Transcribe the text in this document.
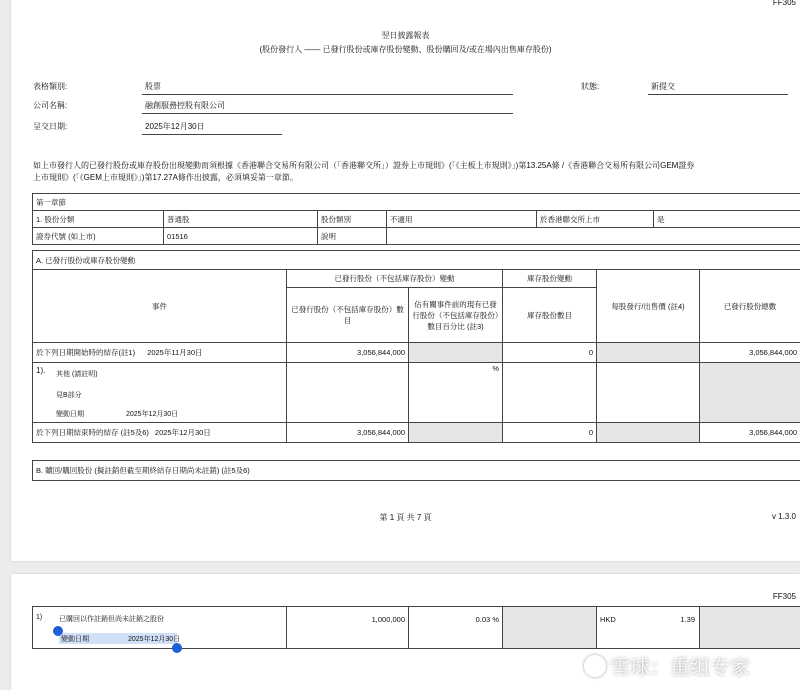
FF305
翌日披露報表
(股份發行人 —— 已發行股份或庫存股份變動、股份購回及/或在場內出售庫存股份)
表格類別:	股票	狀態:	新提交
公司名稱:	融創服務控股有限公司
呈交日期:	2025年12月30日
如上市發行人的已發行股份或庫存股份出現變動而須根據《香港聯合交易所有限公司（「香港聯交所」）證券上市規則》(「《主板上市規則》」)第13.25A條 /《香港聯合交易所有限公司GEM證券
上市規則》(「《GEM上市規則》」)第17.27A條作出披露，必須填妥第一章節。
第一章節					
1. 股份分類	普通股	股份類別	不適用	於香港聯交所上市	是
證券代號 (如上市)	01516	說明			
A. 已發行股份或庫存股份變動					
事件	已發行股份（不包括庫存股份）變動		庫存股份變動	每股發行/出售價 (註4)	已發行股份總數
	已發行股份（不包括庫存股份）數目	佔有關事件前的現有已發行股份（不包括庫存股份）數目百分比 (註3)	庫存股份數目		
於下列日期開始時的結存(註1) 2025年11月30日	3,056,844,000		0		3,056,844,000

1). 其他 (請註明)
見B部分
變動日期 2025年12月30日		%			
於下列日期結束時的結存 (註5及6) 2025年12月30日	3,056,844,000		0		3,056,844,000

B. 贖回/購回股份 (擬註銷但截至期終結存日期尚未註銷) (註5及6)					
第 1 頁 共 7 頁	v 1.3.0
FF305
1) 已購回以作註銷但尚未註銷之股份
變動日期	2025年12月30日
	1,000,000	0.03 %		HKD	1.39

雪球：重组专家
